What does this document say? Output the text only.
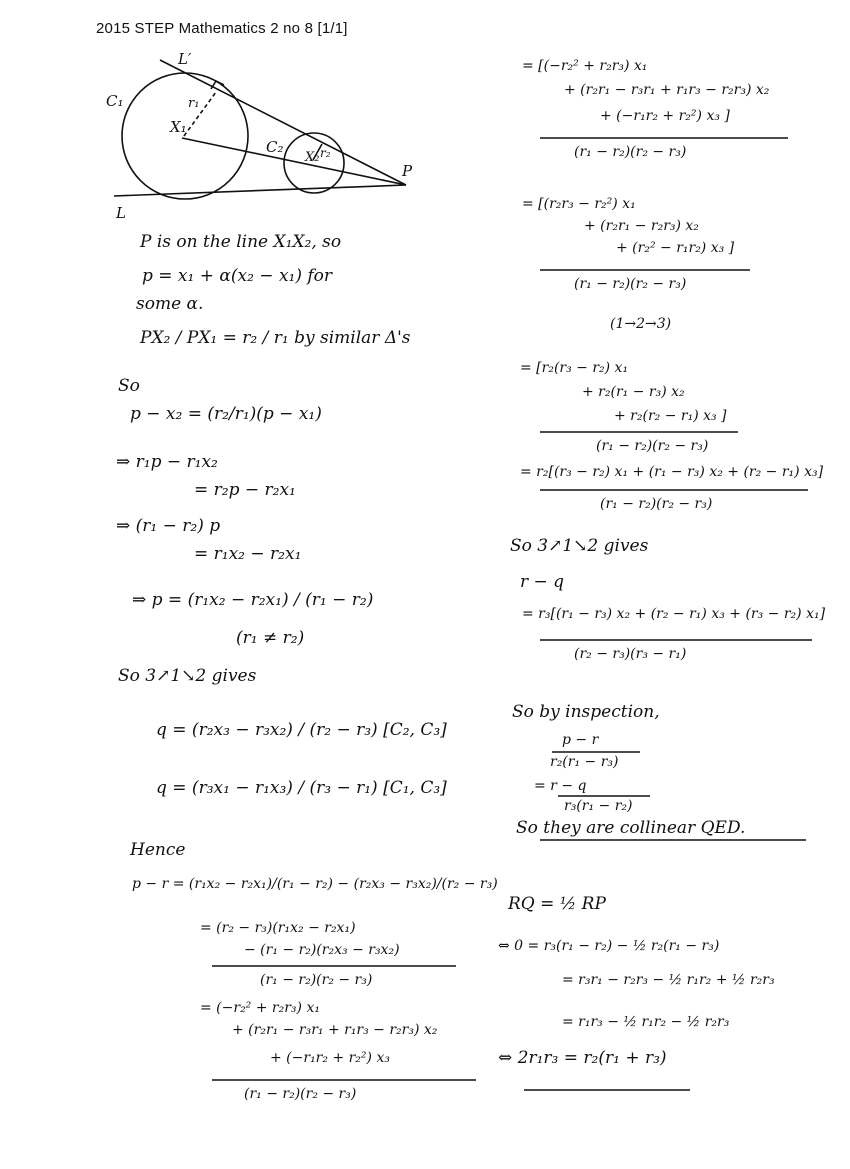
2015 STEP Mathematics 2 no 8 [1/1]
L′
C₁	r₁
X₁
C₂	r₂
X₂
P
L
P is on the line X₁X₂, so
p = x₁ + α(x₂ − x₁) for
some α.
PX₂ / PX₁ = r₂ / r₁ by similar Δ's
So
p − x₂ = (r₂/r₁)(p − x₁)
⇒ r₁p − r₁x₂
= r₂p − r₂x₁
⇒ (r₁ − r₂) p
= r₁x₂ − r₂x₁
⇒ p = (r₁x₂ − r₂x₁) / (r₁ − r₂)
(r₁ ≠ r₂)
So 3↗1↘2 gives
q = (r₂x₃ − r₃x₂) / (r₂ − r₃) [C₂, C₃]
q = (r₃x₁ − r₁x₃) / (r₃ − r₁) [C₁, C₃]
Hence
p − r = (r₁x₂ − r₂x₁)/(r₁ − r₂) − (r₂x₃ − r₃x₂)/(r₂ − r₃)
= (r₂ − r₃)(r₁x₂ − r₂x₁)
− (r₁ − r₂)(r₂x₃ − r₃x₂)
(r₁ − r₂)(r₂ − r₃)
= (−r₂² + r₂r₃) x₁
+ (r₂r₁ − r₃r₁ + r₁r₃ − r₂r₃) x₂
+ (−r₁r₂ + r₂²) x₃
(r₁ − r₂)(r₂ − r₃)
= [(−r₂² + r₂r₃) x₁
+ (r₂r₁ − r₃r₁ + r₁r₃ − r₂r₃) x₂
+ (−r₁r₂ + r₂²) x₃ ]
(r₁ − r₂)(r₂ − r₃)
= [(r₂r₃ − r₂²) x₁
+ (r₂r₁ − r₂r₃) x₂
+ (r₂² − r₁r₂) x₃ ]
(r₁ − r₂)(r₂ − r₃)
(1→2→3)
= [r₂(r₃ − r₂) x₁
+ r₂(r₁ − r₃) x₂
+ r₂(r₂ − r₁) x₃ ]
(r₁ − r₂)(r₂ − r₃)
= r₂[(r₃ − r₂) x₁ + (r₁ − r₃) x₂ + (r₂ − r₁) x₃]
(r₁ − r₂)(r₂ − r₃)
So 3↗1↘2 gives
r − q
= r₃[(r₁ − r₃) x₂ + (r₂ − r₁) x₃ + (r₃ − r₂) x₁]
(r₂ − r₃)(r₃ − r₁)
So by inspection,
p − r
r₂(r₁ − r₃)
= r − q
r₃(r₁ − r₂)
So they are collinear QED.
RQ = ½ RP
⇔ 0 = r₃(r₁ − r₂) − ½ r₂(r₁ − r₃)
= r₃r₁ − r₂r₃ − ½ r₁r₂ + ½ r₂r₃
= r₁r₃ − ½ r₁r₂ − ½ r₂r₃
⇔ 2r₁r₃ = r₂(r₁ + r₃)
